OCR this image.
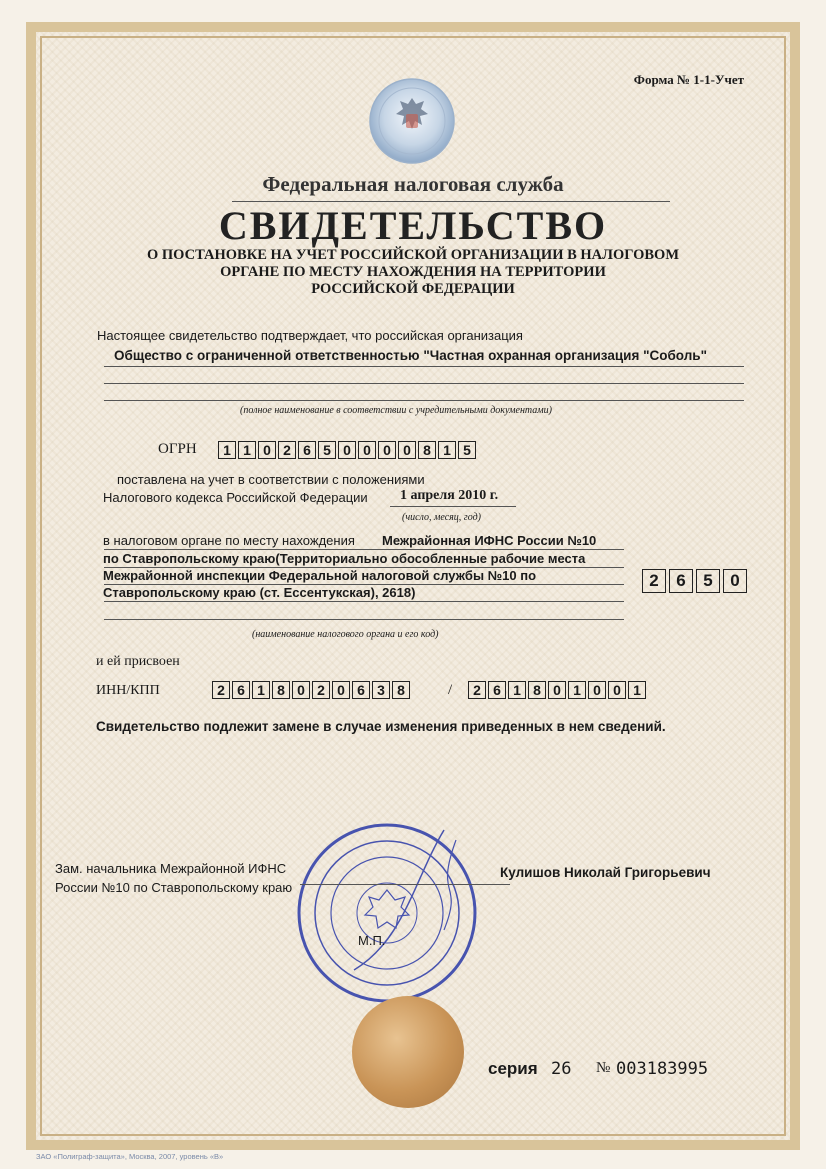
Форма № 1-1-Учет
Федеральная налоговая служба
СВИДЕТЕЛЬСТВО
О ПОСТАНОВКЕ НА УЧЕТ РОССИЙСКОЙ ОРГАНИЗАЦИИ В НАЛОГОВОМ
ОРГАНЕ ПО МЕСТУ НАХОЖДЕНИЯ НА ТЕРРИТОРИИ
РОССИЙСКОЙ ФЕДЕРАЦИИ
Настоящее свидетельство подтверждает, что российская организация
Общество с ограниченной ответственностью "Частная охранная организация "Соболь"
(полное наименование в соответствии с учредительными документами)
ОГРН	1 1 0 2 6 5 0 0 0 0 8 1 5
поставлена на учет в соответствии с положениями
Налогового кодекса Российской Федерации 1 апреля 2010 г.
(число, месяц, год)
в налоговом органе по месту нахождения Межрайонная ИФНС России №10
по Ставропольскому краю(Территориально обособленные рабочие места
Межрайонной инспекции Федеральной налоговой службы №10 по
Ставропольскому краю (ст. Ессентукская), 2618)
2	6	5	0
(наименование налогового органа и его код)
и ей присвоен
ИНН/КПП	2 6 1 8 0 2 0 6 3 8	/	2 6 1 8 0 1 0 0 1
Свидетельство подлежит замене в случае изменения приведенных в нем сведений.
Зам. начальника Межрайонной ИФНС
России №10 по Ставропольскому краю
Кулишов Николай Григорьевич
М.П.
серия 26 № 003183995
ЗАО «Полиграф-защита», Москва, 2007, уровень «В»
